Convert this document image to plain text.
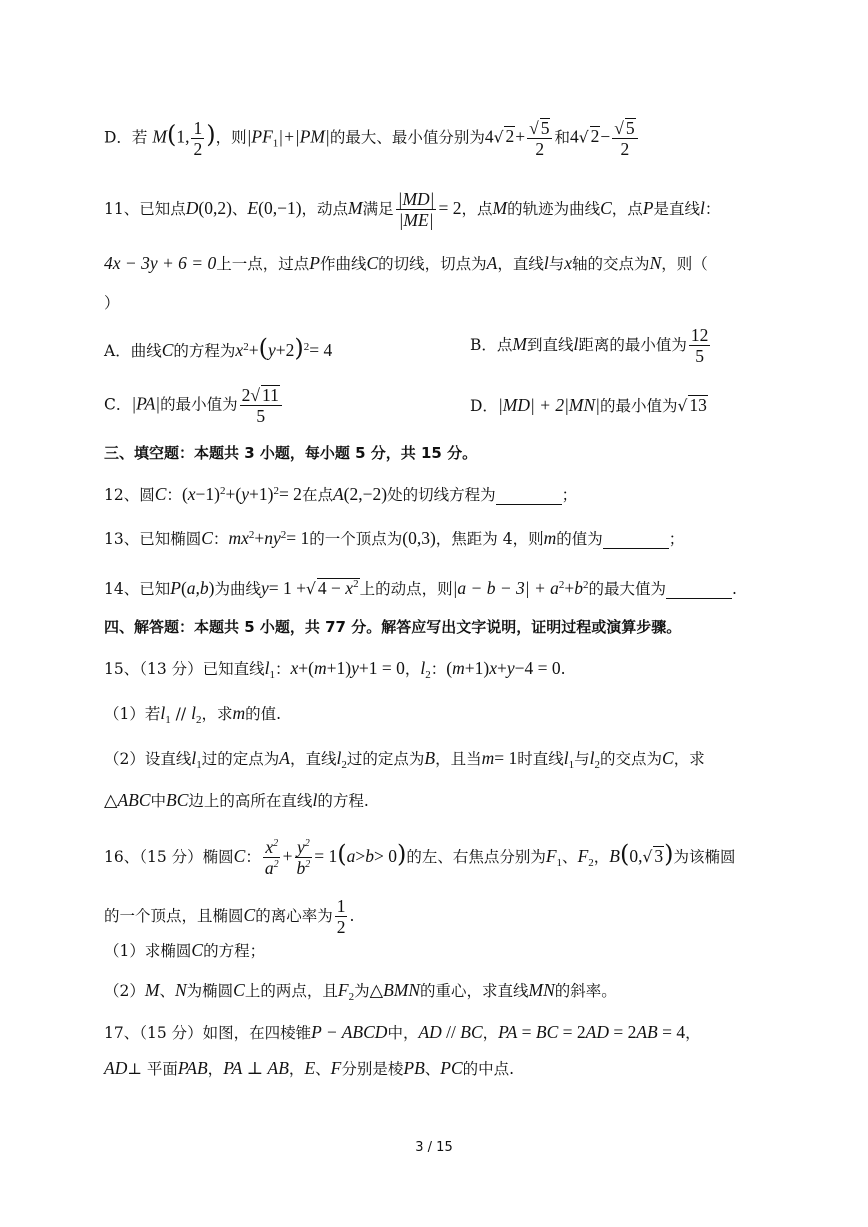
D．若 M(1, $\frac{1}{2}$ )，则$|PF_1|+|PM|$的最大、最小值分别为4√ $2+ \frac{√ 5}{2}$ 和4√ $2- \frac{√ 5}{2}$
11、已知点D(0,2)、E(0,−1)，动点M满足 $\frac{|MD|}{|ME|} = 2$，点M的轨迹为曲线C，点P是直线l：
4x − 3y + 6 = 0上一点，过点P作曲线C的切线，切点为A，直线l与x轴的交点为N，则（
）
A．曲线C的方程为$x^2+(y+2)^2= 4$	B．点M到直线l距离的最小值为 $\frac{12}{5}$
C．|PA|的最小值为 $\frac{2√ 11}{5}$	D．|MD| + 2|MN|的最小值为√ 13
三、填空题：本题共 3 小题，每小题 5 分，共 15 分。
12、圆C：$(x-1)^2+(y+1)^2= 2$在点A(2,−2)处的切线方程为	；
13、已知椭圆C：$mx^2+ny^2= 1$的一个顶点为(0,3)，焦距为 4，则m的值为	；
14、已知P(a,b)为曲线y= 1 +√ $4 - x^2$上的动点，则$|a - b - 3| + a^2+b^2$的最大值为	.
四、解答题：本题共 5 小题，共 77 分。解答应写出文字说明，证明过程或演算步骤。
15、（13 分）已知直线$l_1$：x+(m+1)y+1 = 0，$l_2$：(m+1)x+y−4 = 0.
（1）若$l_1 // l_2$，求m的值.
（2）设直线$l_1$过的定点为A，直线$l_2$过的定点为B，且当m= 1时直线$l_1$与$l_2$的交点为C，求
△ABC中BC边上的高所在直线l的方程.
16、（15 分）椭圆C： $\frac{x^2}{a^2} + \frac{y^2}{b^2} = 1(a>b> 0)$的左、右焦点分别为$F_1$、$F_2$，B(0,√ 3)为该椭圆
的一个顶点，且椭圆C的离心率为 $\frac{1}{2}$ .
（1）求椭圆C的方程；
（2）M、N为椭圆C上的两点，且$F_2$为△BMN的重心，求直线MN的斜率。
17、（15 分）如图，在四棱锥P − ABCD中，AD // BC，PA = BC = 2AD = 2AB = 4，
AD⊥ 平面PAB，PA ⊥ AB，E、F分别是棱PB、PC的中点.
3 / 15
